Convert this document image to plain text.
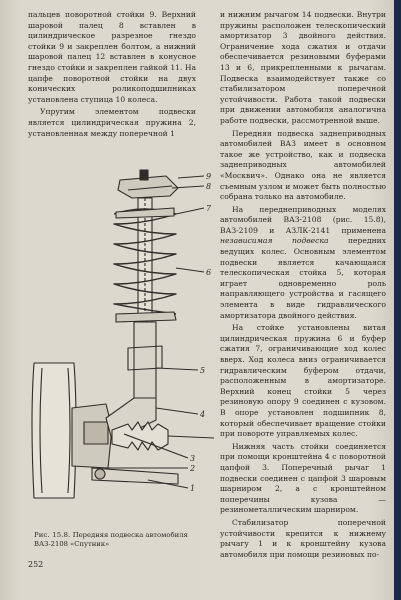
пальцев поворотной стойки 9. Верхний шаровой палец 8 вставлен в цилиндрическое разрезное гнездо стойки 9 и закреплен болтом, а нижний шаровой палец 12 вставлен в конусное гнездо стойки и закреплен гайкой 11. На цапфе поворотной стойки на двух конических роликоподшипниках установлена ступица 10 колеса.

Упругим элементом подвески является цилиндрическая пружина 2, установленная между поперечной 1

и нижним рычагом 14 подвески. Внутри пружины расположен телескопический амортизатор 3 двойного действия. Ограничение хода сжатия и отдачи обеспечивается резиновыми буферами 13 и 6, прикрепленными к рычагам. Подвеска взаимодействует также со стабилизатором поперечной устойчивости. Работа такой подвески при движении автомобиля аналогична работе подвески, рассмотренной выше.

Передняя подвеска заднеприводных автомобилей ВАЗ имеет в основном такое же устройство, как и подвеска заднеприводных автомобилей «Москвич». Однако она не является съемным узлом и может быть полностью собрана только на автомобиле.

На переднеприводных моделях автомобилей ВАЗ-2108 (рис. 15.8), ВАЗ-2109 и АЗЛК-2141 применена независимая подвеска	передних ведущих колес. Основным элементом подвески является качающаяся телескопическая стойка 5, которая играет одновременно роль направляющего устройства и гасящего элемента в виде гидравлического амортизатора двойного действия.

На стойке установлены витая цилиндрическая пружина 6 и буфер сжатия 7, ограничивающие ход колес вверх. Ход колеса вниз ограничивается гидравлическим буфером отдачи, расположенным в амортизаторе. Верхний конец стойки 5 через резиновую опору 9 соединен с кузовом. В опоре установлен подшипник 8, который обеспечивает вращение стойки при повороте управляемых колес.

Нижняя часть стойки соединяется при помощи кронштейна 4 с поворотной цапфой 3. Поперечный рычаг 1 подвески соединен с цапфой 3 шаровым шарниром 2, а с кронштейном поперечины кузова — резинометаллическим шарниром.

Стабилизатор поперечной устойчивости крепится к нижнему рычагу 1 и к кронштейну кузова автомобиля при помощи резиновых по-

9
8
7
6
5
4
3
2
1
Рис. 15.8. Передняя подвеска автомобиля ВАЗ-2108 «Спутник»
252
